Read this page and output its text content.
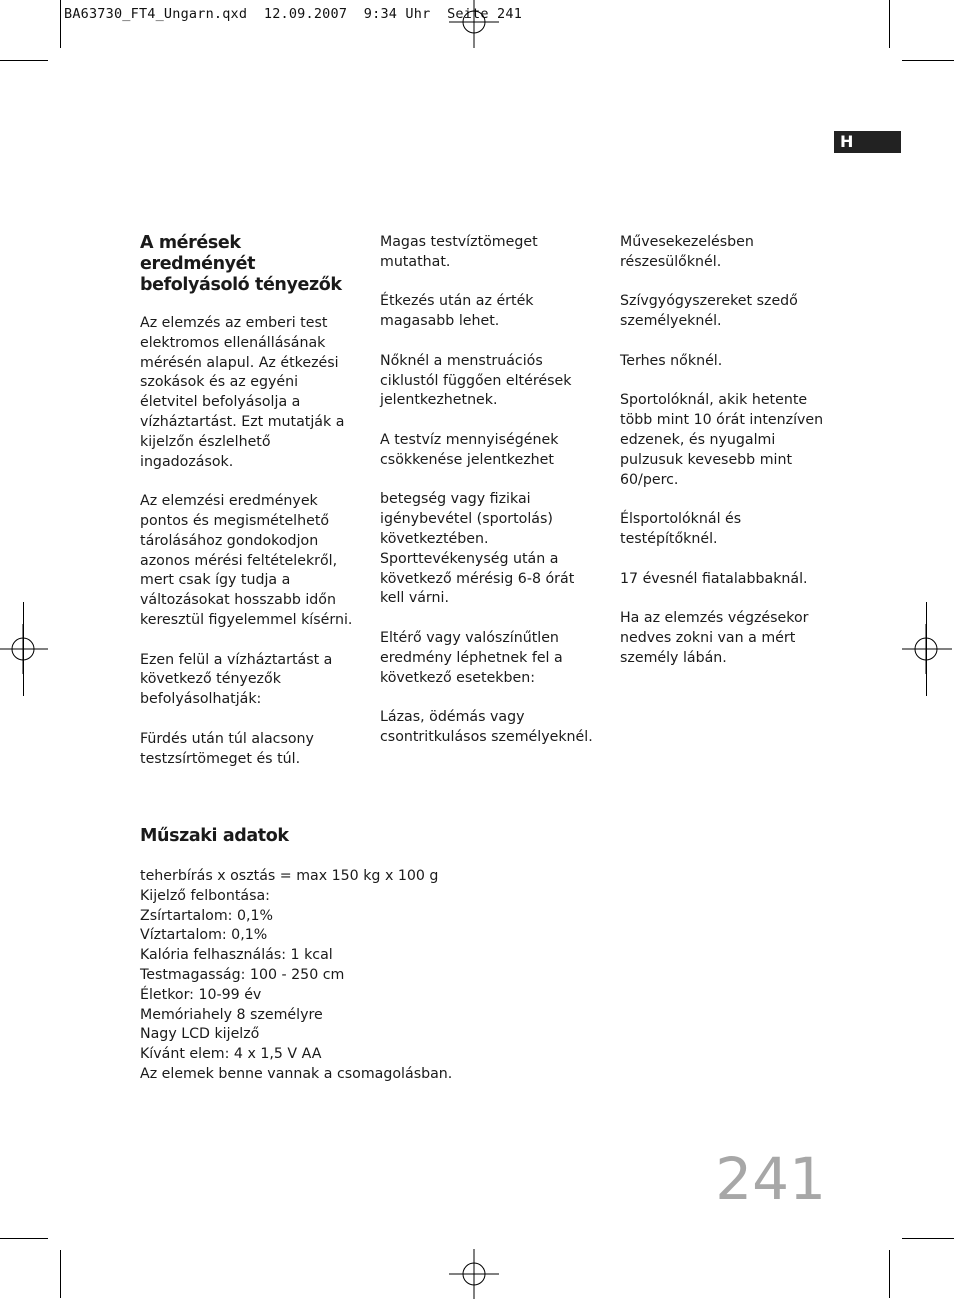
BA63730_FT4_Ungarn.qxd  12.09.2007  9:34 Uhr  Seite 241
H
A mérések eredményét befolyásoló tényezők

Az elemzés az emberi test elektromos ellenállásának mérésén alapul. Az étkezési szokások és az egyéni életvitel befolyásolja a vízháztartást. Ezt mutatják a kijelzőn észlelhető ingadozások.

Az elemzési eredmények pontos és megismételhető tárolásához gondokodjon azonos mérési feltételekről, mert csak így tudja a változásokat hosszabb időn keresztül figyelemmel kísérni.

Ezen felül a vízháztartást a következő tényezők befolyásolhatják:

Fürdés után túl alacsony testzsírtömeget és túl.

Magas testvíztömeget mutathat.

Étkezés után az érték magasabb lehet.

Nőknél a menstruációs ciklustól függően eltérések jelentkezhetnek.

A testvíz mennyiségének csökkenése jelentkezhet

betegség vagy fizikai igénybevétel (sportolás) következtében. Sporttevékenység után a következő mérésig 6-8 órát kell várni.

Eltérő vagy valószínűtlen eredmény léphetnek fel a következő esetekben:

Lázas, ödémás vagy csontritkulásos személyeknél.

Művesekezelésben részesülőknél.

Szívgyógyszereket szedő személyeknél.

Terhes nőknél.

Sportolóknál, akik hetente több mint 10 órát intenzíven edzenek, és nyugalmi pulzusuk kevesebb mint 60/perc.

Élsportolóknál és testépítőknél.

17 évesnél fiatalabbaknál.

Ha az elemzés végzésekor nedves zokni van a mért személy lábán.

Műszaki adatok
teherbírás x osztás = max 150 kg x 100 g
Kijelző felbontása:
Zsírtartalom: 0,1%
Víztartalom: 0,1%
Kalória felhasználás: 1 kcal
Testmagasság: 100 - 250 cm
Életkor: 10-99 év
Memóriahely 8 személyre
Nagy LCD kijelző
Kívánt elem: 4 x 1,5 V AA
Az elemek benne vannak a csomagolásban.
241
